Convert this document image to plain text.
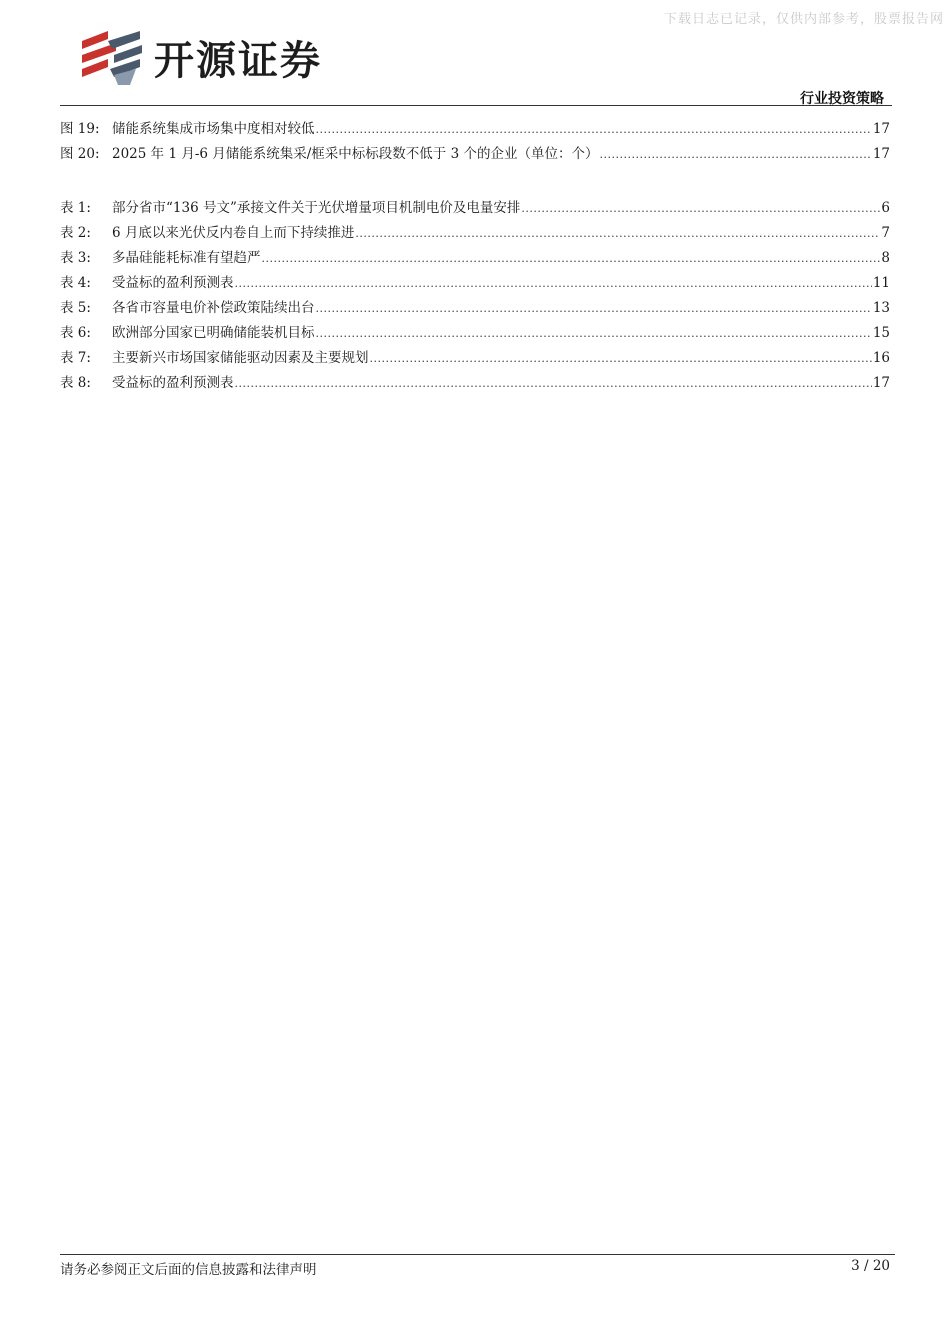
下载日志已记录，仅供内部参考，股票报告网
开源证券
行业投资策略
图 19: 储能系统集成市场集中度相对较低 .....	17
图 20: 2025 年 1 月-6 月储能系统集采/框采中标标段数不低于 3 个的企业（单位：个） .....	17
表 1:	部分省市“136 号文”承接文件关于光伏增量项目机制电价及电量安排 .....	6
表 2:	6 月底以来光伏反内卷自上而下持续推进 .....	7
表 3:	多晶硅能耗标准有望趋严 .....	8
表 4:	受益标的盈利预测表 .....	11
表 5:	各省市容量电价补偿政策陆续出台 .....	13
表 6:	欧洲部分国家已明确储能装机目标 .....	15
表 7:	主要新兴市场国家储能驱动因素及主要规划 .....	16
表 8:	受益标的盈利预测表 .....	17
请务必参阅正文后面的信息披露和法律声明	3 / 20
